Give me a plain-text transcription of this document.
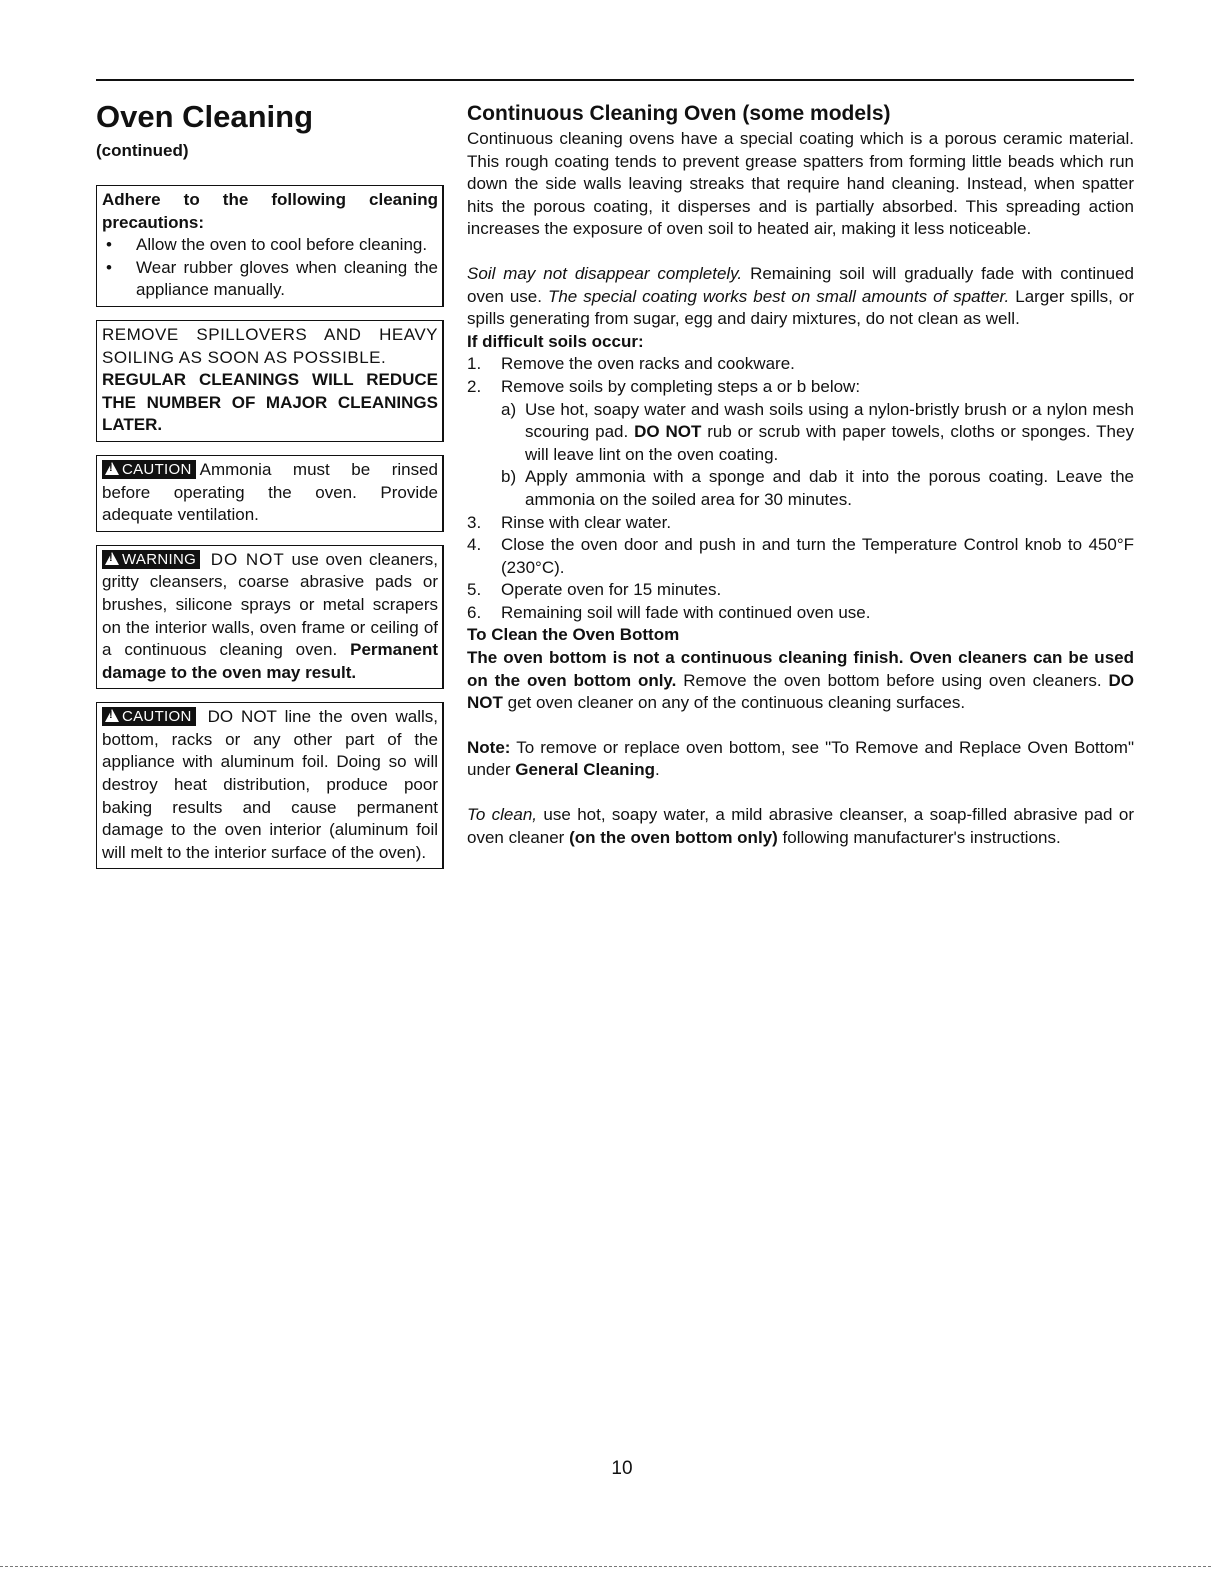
Oven Cleaning

(continued)

Adhere to the following cleaning precautions:
• Allow the oven to cool before cleaning.
• Wear rubber gloves when cleaning the appliance manually.
REMOVE SPILLOVERS AND HEAVY SOILING AS SOON AS POSSIBLE.
REGULAR CLEANINGS WILL REDUCE THE NUMBER OF MAJOR CLEANINGS LATER.
!CAUTION Ammonia must be rinsed before operating the oven. Provide adequate ventilation.
!WARNING DO NOT use oven cleaners, gritty cleansers, coarse abrasive pads or brushes, silicone sprays or metal scrapers on the interior walls, oven frame or ceiling of a continuous cleaning oven. Permanent damage to the oven may result.
!CAUTION DO NOT line the oven walls, bottom, racks or any other part of the appliance with aluminum foil. Doing so will destroy heat distribution, produce poor baking results and cause permanent damage to the oven interior (aluminum foil will melt to the interior surface of the oven).
Continuous Cleaning Oven (some models)

Continuous cleaning ovens have a special coating which is a porous ceramic material. This rough coating tends to prevent grease spatters from forming little beads which run down the side walls leaving streaks that require hand cleaning. Instead, when spatter hits the porous coating, it disperses and is partially absorbed. This spreading action increases the exposure of oven soil to heated air, making it less noticeable.

Soil may not disappear completely. Remaining soil will gradually fade with continued oven use. The special coating works best on small amounts of spatter. Larger spills, or spills generating from sugar, egg and dairy mixtures, do not clean as well.

If difficult soils occur:

1. Remove the oven racks and cookware.
2. Remove soils by completing steps a or b below:
a) Use hot, soapy water and wash soils using a nylon-bristly brush or a nylon mesh scouring pad. DO NOT rub or scrub with paper towels, cloths or sponges. They will leave lint on the oven coating.
b) Apply ammonia with a sponge and dab it into the porous coating. Leave the ammonia on the soiled area for 30 minutes.
3. Rinse with clear water.
4. Close the oven door and push in and turn the Temperature Control knob to 450°F (230°C).
5. Operate oven for 15 minutes.
6. Remaining soil will fade with continued oven use.

To Clean the Oven Bottom

The oven bottom is not a continuous cleaning finish. Oven cleaners can be used on the oven bottom only. Remove the oven bottom before using oven cleaners. DO NOT get oven cleaner on any of the continuous cleaning surfaces.

Note: To remove or replace oven bottom, see "To Remove and Replace Oven Bottom" under General Cleaning.

To clean, use hot, soapy water, a mild abrasive cleanser, a soap-filled abrasive pad or oven cleaner (on the oven bottom only) following manufacturer's instructions.

10
